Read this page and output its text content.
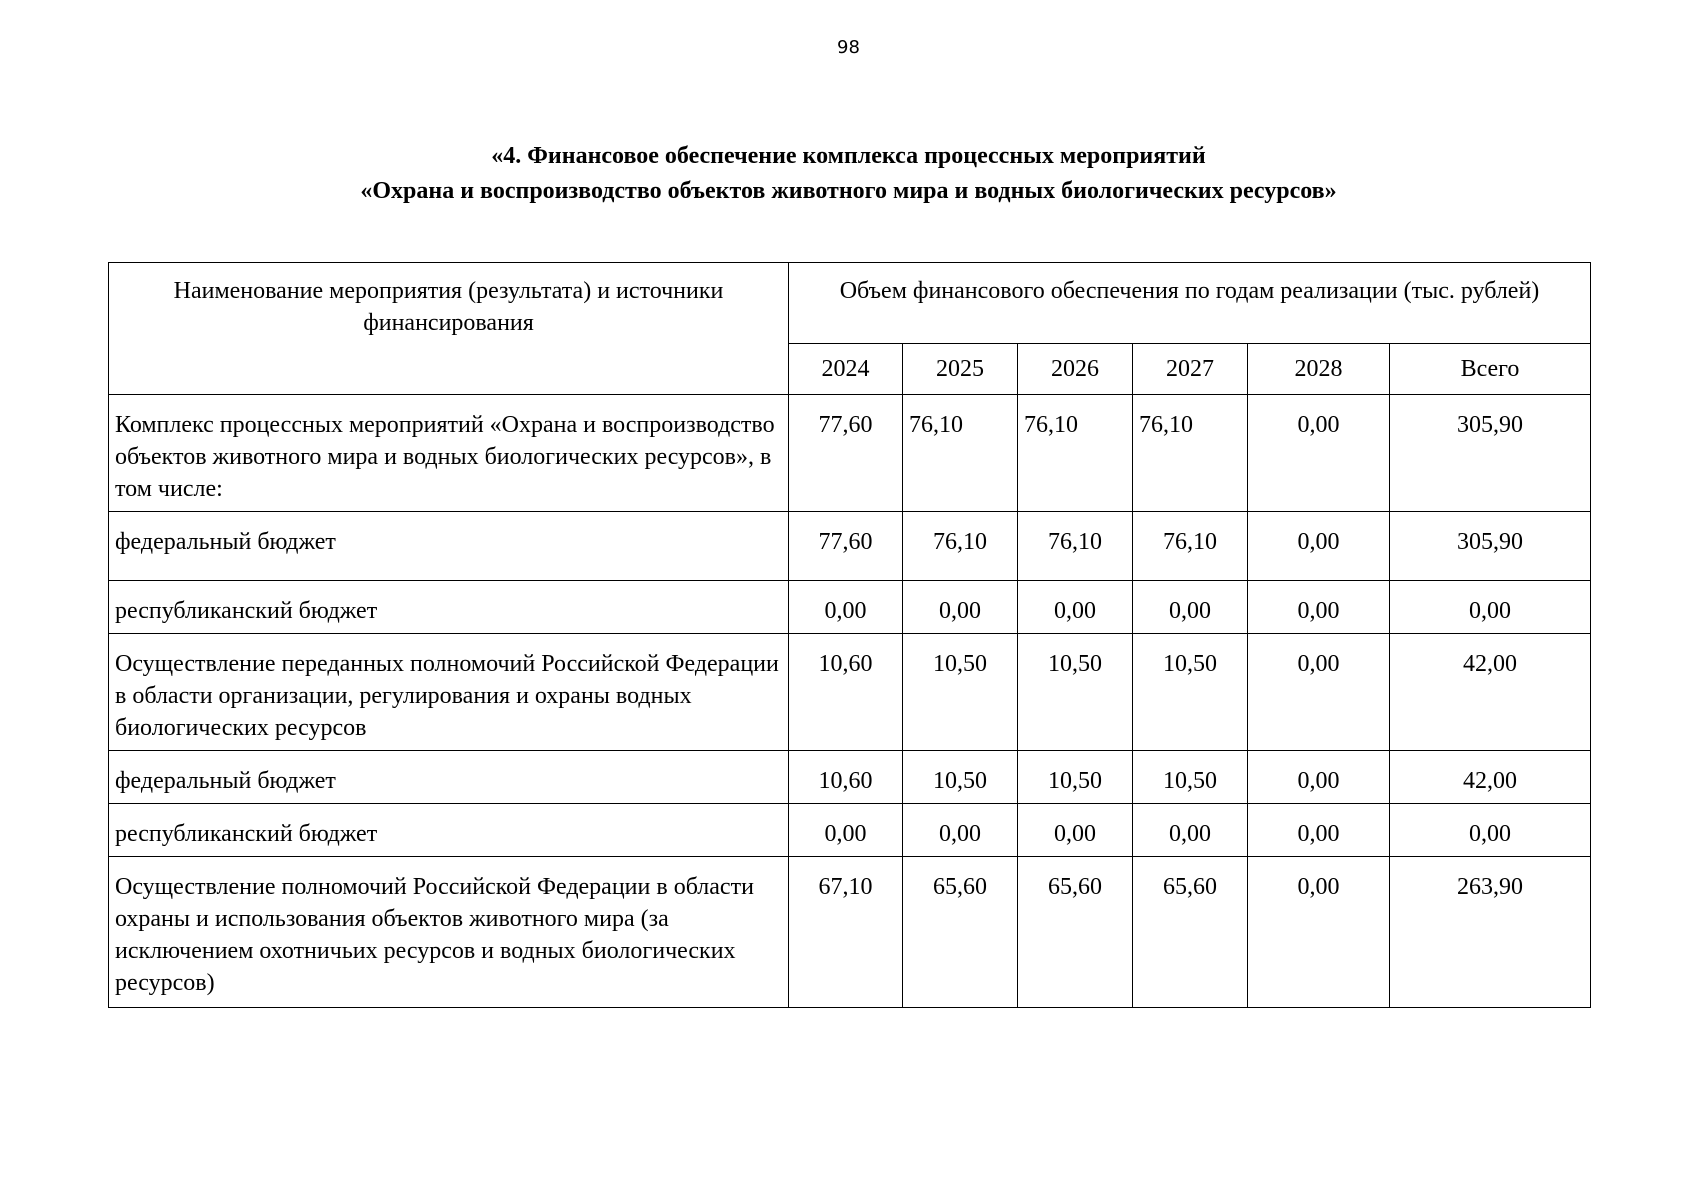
98
«4. Финансовое обеспечение комплекса процессных мероприятий
«Охрана и воспроизводство объектов животного мира и водных биологических ресурсов»
Наименование мероприятия (результата) и источники финансирования	Объем финансового обеспечения по годам реализации (тыс. рублей)					
	2024	2025	2026	2027	2028	Всего
Комплекс процессных мероприятий «Охрана и воспроизводство объектов животного мира и водных биологических ресурсов», в том числе:	77,60	76,10	76,10	76,10	0,00	305,90
федеральный бюджет	77,60	76,10	76,10	76,10	0,00	305,90
республиканский бюджет	0,00	0,00	0,00	0,00	0,00	0,00
Осуществление переданных полномочий Российской Федерации в области организации, регулирования и охраны водных биологических ресурсов	10,60	10,50	10,50	10,50	0,00	42,00
федеральный бюджет	10,60	10,50	10,50	10,50	0,00	42,00
республиканский бюджет	0,00	0,00	0,00	0,00	0,00	0,00
Осуществление полномочий Российской Федерации в области охраны и использования объектов животного мира (за исключением охотничьих ресурсов и водных биологических ресурсов)	67,10	65,60	65,60	65,60	0,00	263,90
